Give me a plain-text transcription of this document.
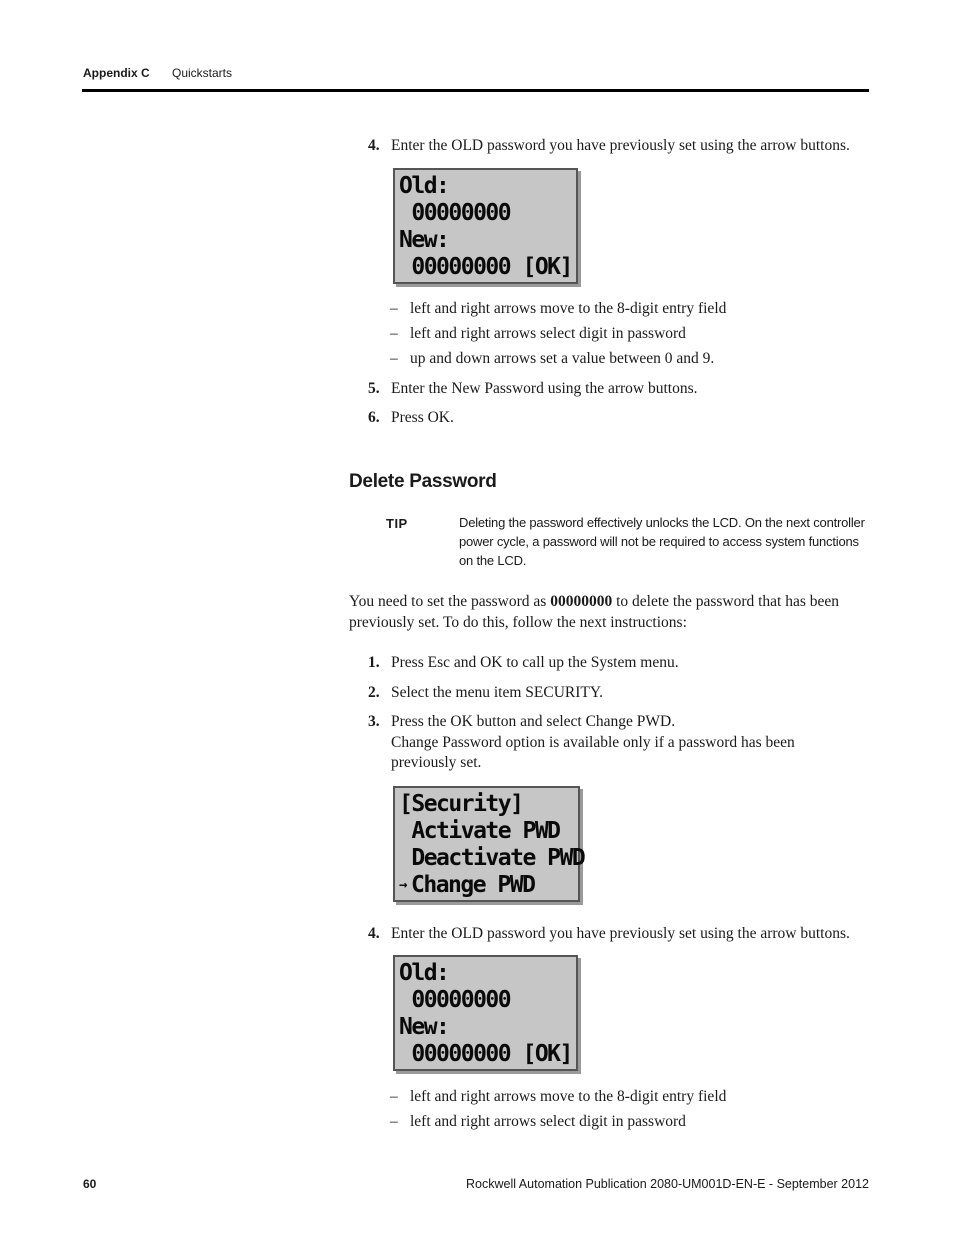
Appendix C Quickstarts
4. Enter the OLD password you have previously set using the arrow buttons.
Old:
00000000
New:
00000000 [OK]
– left and right arrows move to the 8-digit entry field
– left and right arrows select digit in password
– up and down arrows set a value between 0 and 9.
5. Enter the New Password using the arrow buttons.
6. Press OK.
Delete Password
TIP	Deleting the password effectively unlocks the LCD. On the next controller
power cycle, a password will not be required to access system functions
on the LCD.
You need to set the password as 00000000 to delete the password that has been
previously set. To do this, follow the next instructions:
1. Press Esc and OK to call up the System menu.
2. Select the menu item SECURITY.
3. Press the OK button and select Change PWD.
Change Password option is available only if a password has been
previously set.
[Security]
Activate PWD
Deactivate PWD
→ Change PWD
4. Enter the OLD password you have previously set using the arrow buttons.
Old:
00000000
New:
00000000 [OK]
– left and right arrows move to the 8-digit entry field
– left and right arrows select digit in password
60	Rockwell Automation Publication 2080-UM001D-EN-E - September 2012
